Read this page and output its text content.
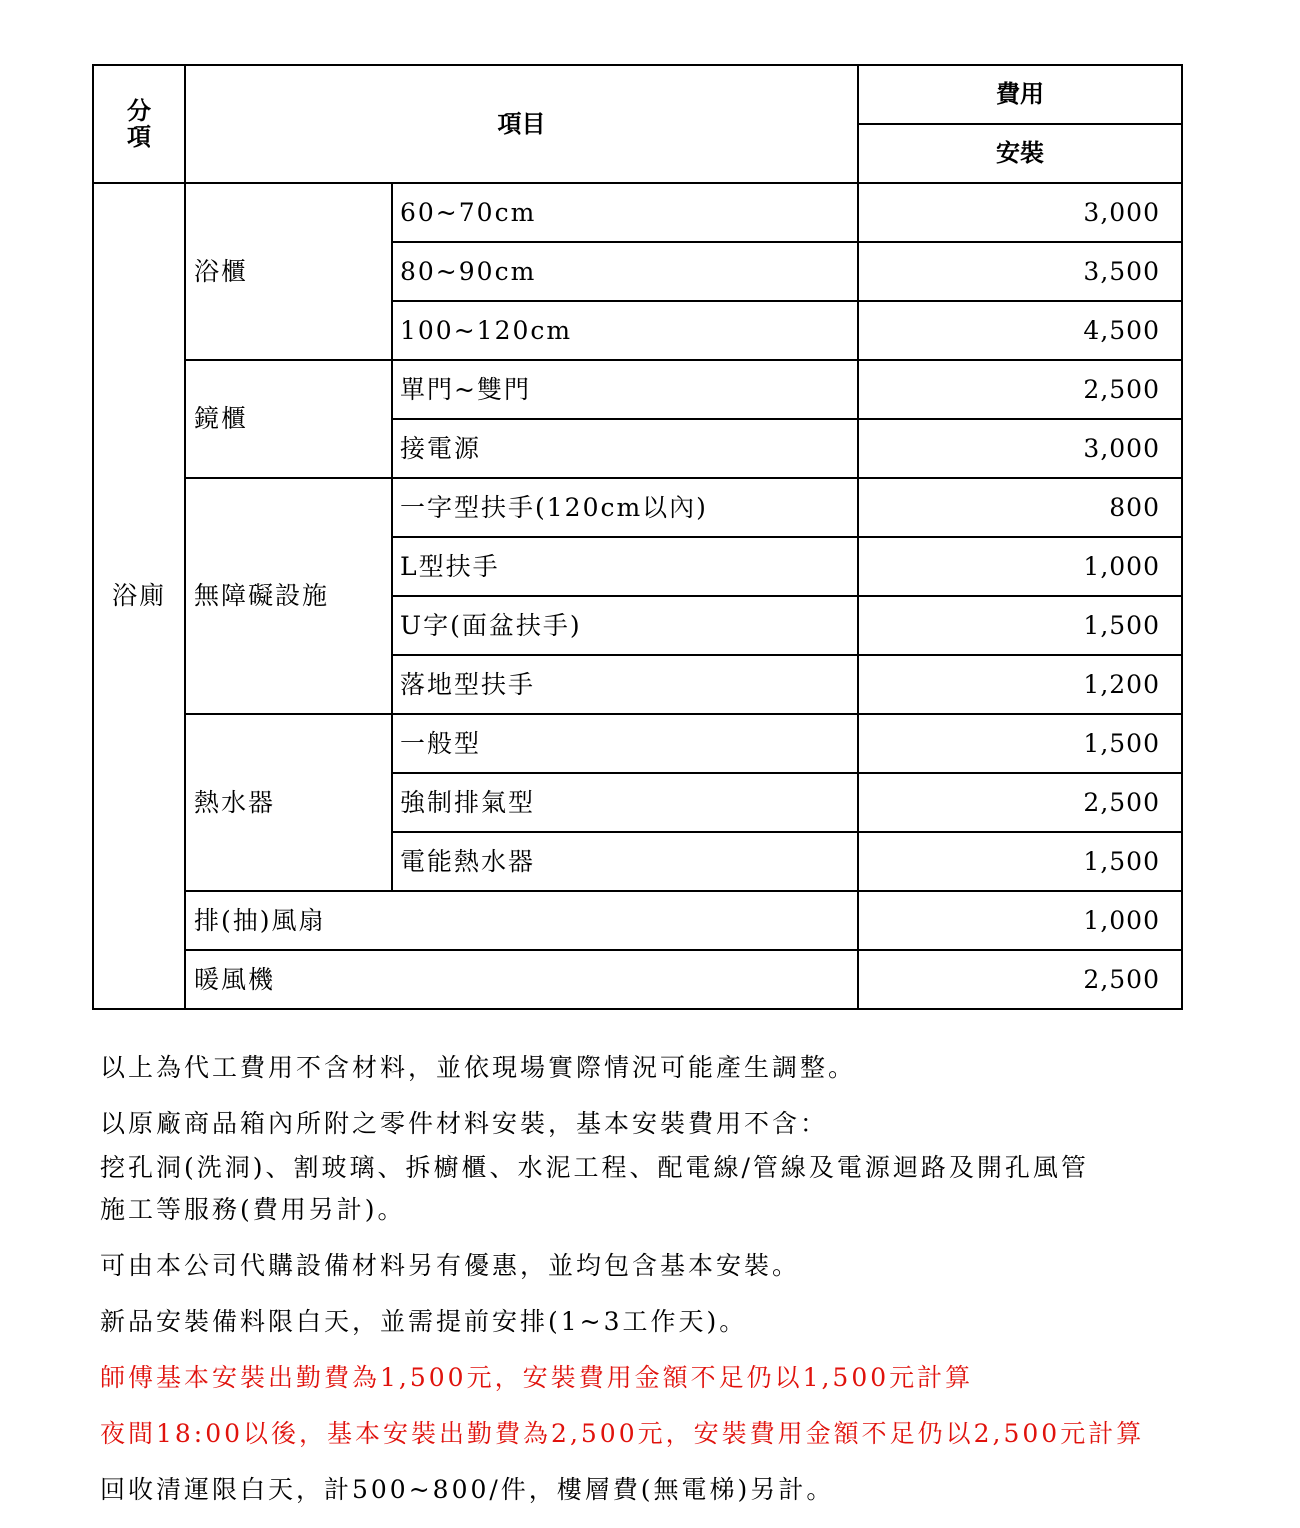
分
項	項目		費用
			安裝
浴廁	浴櫃	60~70cm	3,000
		80~90cm	3,500
		100~120cm	4,500
	鏡櫃	單門~雙門	2,500
		接電源	3,000
	無障礙設施	一字型扶手(120cm以內)	800
		L型扶手	1,000
		U字(面盆扶手)	1,500
		落地型扶手	1,200
	熱水器	一般型	1,500
		強制排氣型	2,500
		電能熱水器	1,500
	排(抽)風扇		1,000
	暖風機		2,500

以上為代工費用不含材料，並依現場實際情況可能產生調整。

以原廠商品箱內所附之零件材料安裝，基本安裝費用不含：

挖孔洞(洗洞)、割玻璃、拆櫥櫃、水泥工程、配電線/管線及電源迴路及開孔風管

施工等服務(費用另計)。

可由本公司代購設備材料另有優惠，並均包含基本安裝。

新品安裝備料限白天，並需提前安排(1~3工作天)。

師傅基本安裝出勤費為1,500元，安裝費用金額不足仍以1,500元計算

夜間18:00以後，基本安裝出勤費為2,500元，安裝費用金額不足仍以2,500元計算

回收清運限白天，計500~800/件，樓層費(無電梯)另計。
